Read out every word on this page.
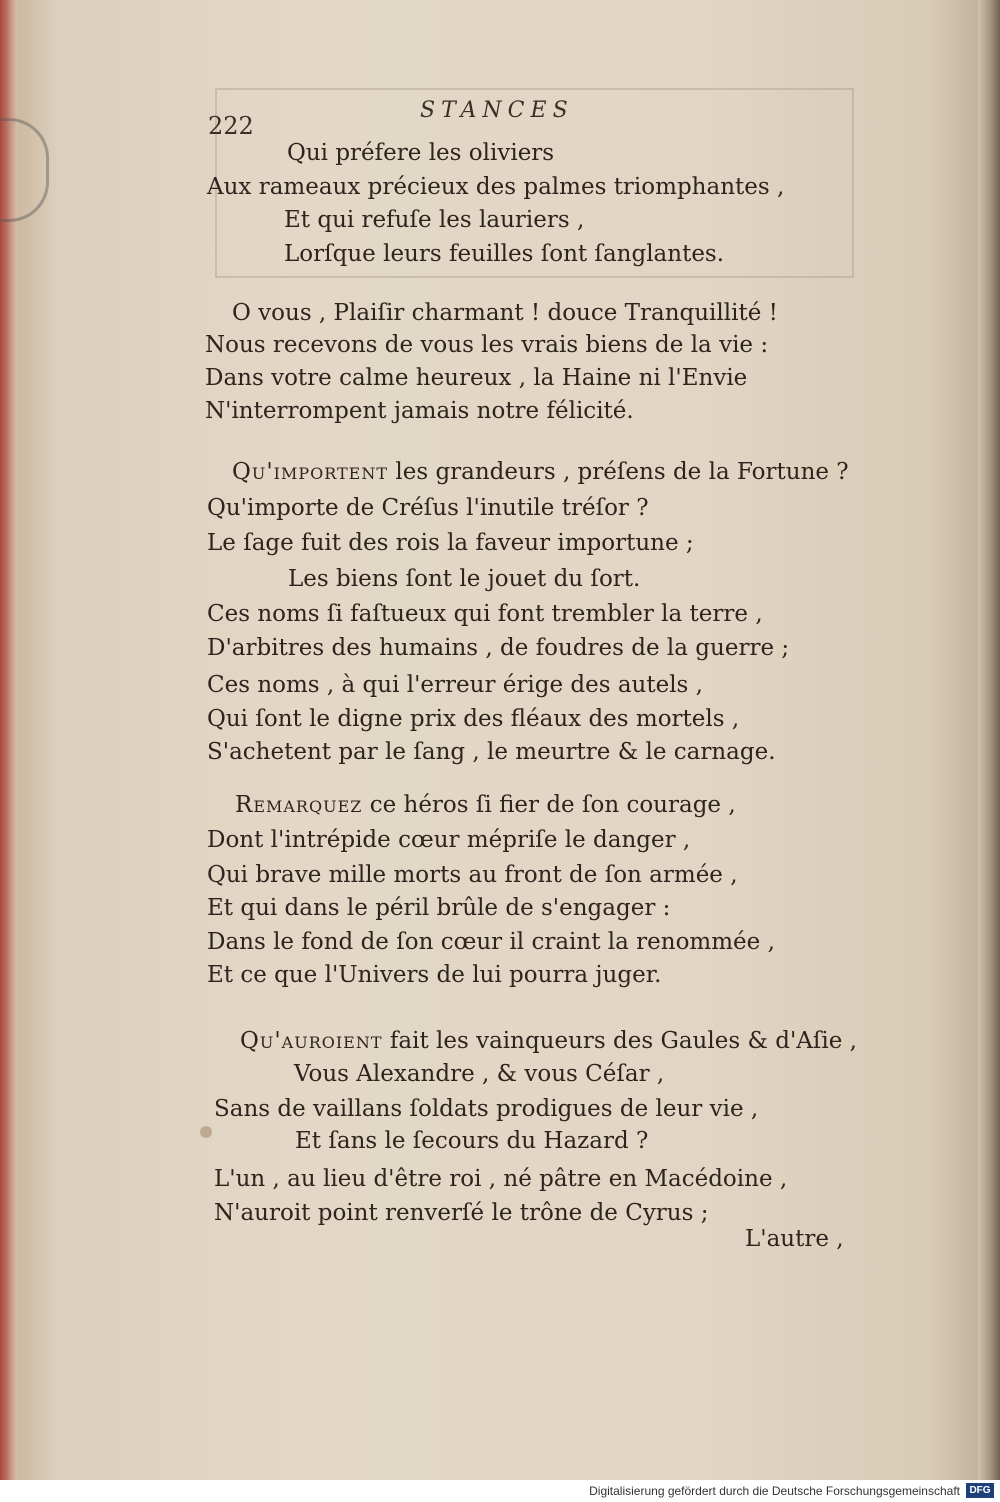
222
STANCES
Qui préfere les oliviers
Aux rameaux précieux des palmes triomphantes ,
Et qui refuſe les lauriers ,
Lorſque leurs feuilles ſont ſanglantes.
O vous , Plaiſir charmant ! douce Tranquillité !
Nous recevons de vous les vrais biens de la vie :
Dans votre calme heureux , la Haine ni l'Envie
N'interrompent jamais notre félicité.
Qu'importent les grandeurs , préſens de la Fortune ?
Qu'importe de Créſus l'inutile tréſor ?
Le ſage fuit des rois la faveur importune ;
Les biens ſont le jouet du ſort.
Ces noms ſi faſtueux qui font trembler la terre ,
D'arbitres des humains , de foudres de la guerre ;
Ces noms , à qui l'erreur érige des autels ,
Qui ſont le digne prix des fléaux des mortels ,
S'achetent par le ſang , le meurtre & le carnage.
Remarquez ce héros ſi fier de ſon courage ,
Dont l'intrépide cœur mépriſe le danger ,
Qui brave mille morts au front de ſon armée ,
Et qui dans le péril brûle de s'engager :
Dans le fond de ſon cœur il craint la renommée ,
Et ce que l'Univers de lui pourra juger.
Qu'auroient fait les vainqueurs des Gaules & d'Aſie ,
Vous Alexandre , & vous Céſar ,
Sans de vaillans ſoldats prodigues de leur vie ,
Et ſans le ſecours du Hazard ?
L'un , au lieu d'être roi , né pâtre en Macédoine ,
N'auroit point renverſé le trône de Cyrus ;
L'autre ,
Digitalisierung gefördert durch die Deutsche Forschungsgemeinschaft DFG
